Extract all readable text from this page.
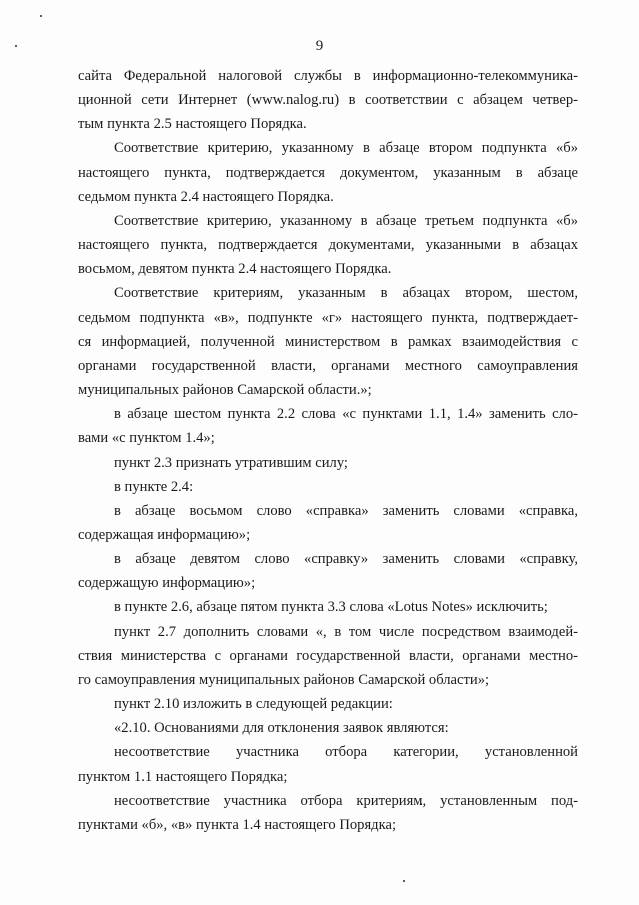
9
сайта Федеральной налоговой службы в информационно-телекоммуника-
ционной сети Интернет (www.nalog.ru) в соответствии с абзацем четвер-
тым пункта 2.5 настоящего Порядка.
Соответствие критерию, указанному в абзаце втором подпункта «б»
настоящего пункта, подтверждается документом, указанным в абзаце
седьмом пункта 2.4 настоящего Порядка.
Соответствие критерию, указанному в абзаце третьем подпункта «б»
настоящего пункта, подтверждается документами, указанными в абзацах
восьмом, девятом пункта 2.4 настоящего Порядка.
Соответствие критериям, указанным в абзацах втором, шестом,
седьмом подпункта «в», подпункте «г» настоящего пункта, подтверждает-
ся информацией, полученной министерством в рамках взаимодействия с
органами государственной власти, органами местного самоуправления
муниципальных районов Самарской области.»;
в абзаце шестом пункта 2.2 слова «с пунктами 1.1, 1.4» заменить сло-
вами «с пунктом 1.4»;
пункт 2.3 признать утратившим силу;
в пункте 2.4:
в абзаце восьмом слово «справка» заменить словами «справка,
содержащая информацию»;
в абзаце девятом слово «справку» заменить словами «справку,
содержащую информацию»;
в пункте 2.6, абзаце пятом пункта 3.3 слова «Lotus Notes» исключить;
пункт 2.7 дополнить словами «, в том числе посредством взаимодей-
ствия министерства с органами государственной власти, органами местно-
го самоуправления муниципальных районов Самарской области»;
пункт 2.10 изложить в следующей редакции:
«2.10. Основаниями для отклонения заявок являются:
несоответствие участника отбора категории, установленной
пунктом 1.1 настоящего Порядка;
несоответствие участника отбора критериям, установленным под-
пунктами «б», «в» пункта 1.4 настоящего Порядка;
